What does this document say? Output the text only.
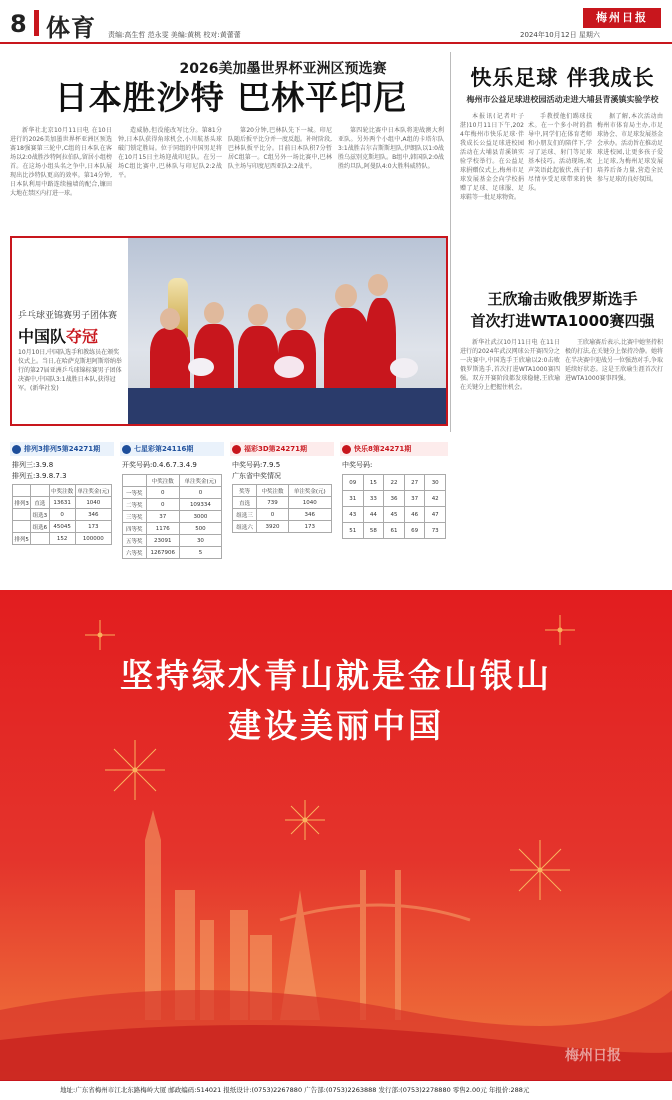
8 体育 责编:高生哲 范永雯 美编:黄桃 校对:黄蕾蕾
梅州日报
2024年10月12日 星期六
2026美加墨世界杯亚洲区预选赛
日本胜沙特 巴林平印尼
新华社北京10月11日电 在10日进行的2026美加墨世界杯亚洲区预选赛18强赛第三轮中,C组的日本队在客场以2:0战胜沙特阿拉伯队,留居小组榜首。在这场小组头名之争中,日本队展现出比沙特队更高的效率。第14分钟,日本队利用中路连续撞墙的配合,镰田大地在禁区内打进一球。
造威胁,但没能改写比分。第81分钟,日本队获得角球机会,小川航基头球破门锁定胜局。位于同组的中国男足将在10月15日主场迎战印尼队。在另一场C组比赛中,巴林队与印尼队2:2战平。
第20分钟,巴林队先下一城。印尼队随后扳平比分并一度反超。补时阶段,巴林队扳平比分。目前日本队积7分暂居C组第一。C组另外一场比赛中,巴林队主场与印度尼西亚队2:2战平。
第四轮比赛中日本队将迎战澳大利亚队。另外两个小组中,A组的卡塔尔队3:1战胜吉尔吉斯斯坦队,伊朗队以1:0战胜乌兹别克斯坦队。B组中,韩国队2:0战胜约旦队,阿曼队4:0大胜科威特队。
乒乓球亚锦赛男子团体赛
中国队夺冠
10月10日,中国队选手和教练员在颁奖仪式上。当日,在哈萨克斯坦阿斯塔纳举行的第27届亚洲乒乓球锦标赛男子团体决赛中,中国队3:1战胜日本队,获得冠军。(新华社发)
快乐足球 伴我成长
梅州市公益足球进校园活动走进大埔县青溪镇实验学校
本报讯(记者叶子湛)10月11日下午,2024年梅州市快乐足球·伴我成长公益足球进校园活动在大埔县青溪镇实验学校举行。在公益足球捐赠仪式上,梅州市足球发展基金会向学校捐赠了足球、足球服、足球鞋等一批足球物资。
手教授他们踢球技术。在一个多小时的指导中,同学们在体育老师和小朋友们的陪伴下,学习了运球、射门等足球基本技巧。活动现场,欢声笑语此起彼伏,孩子们尽情享受足球带来的快乐。
据了解,本次活动由梅州市体育局主办,市足球协会、市足球发展基金会承办。活动旨在推动足球进校园,让更多孩子爱上足球,为梅州足球发展培养后备力量,营造全民参与足球的良好氛围。
王欣瑜击败俄罗斯选手
首次打进WTA1000赛四强
新华社武汉10月11日电 在11日进行的2024年武汉网球公开赛四分之一决赛中,中国选手王欣瑜以2:0击败俄罗斯选手,首次打进WTA1000赛四强。双方开赛阶段都发球稳健,王欣瑜在关键分上把握住机会。
王欣瑜赛后表示,比赛中她坚持积极的打法,在关键分上保持冷静。她将在半决赛中迎战另一位强劲对手,争取延续好状态。这是王欣瑜生涯首次打进WTA1000赛事四强。
排列3排列5第24271期
排列三:3.9.8
排列五:3.9.8.7.3
		中奖注数	单注奖金(元)
排列3	直选	13631	1040
	组选3	0	346
	组选6	45045	173
排列5		152	100000
七星彩第24116期
开奖号码:0.4.6.7.3.4.9
	中奖注数	单注奖金(元)
一等奖	0	0
二等奖	0	109334
三等奖	37	3000
四等奖	1176	500
五等奖	23091	30
六等奖	1267906	5
福彩3D第24271期
中奖号码:7.9.5
广东省中奖情况
奖等	中奖注数	单注奖金(元)
直选	739	1040
组选三	0	346
组选六	3920	173
快乐8第24271期
中奖号码:
09	15	22	27	30
31	33	36	37	42
43	44	45	46	47
51	58	61	69	73
坚持绿水青山就是金山银山
建设美丽中国
梅州日报
地址:广东省梅州市江北东路梅岭大厦 邮政编码:514021 报纸设计:(0753)2267880 广告部:(0753)2263888 发行部:(0753)2278880 零售2.00元 年报价:288元
